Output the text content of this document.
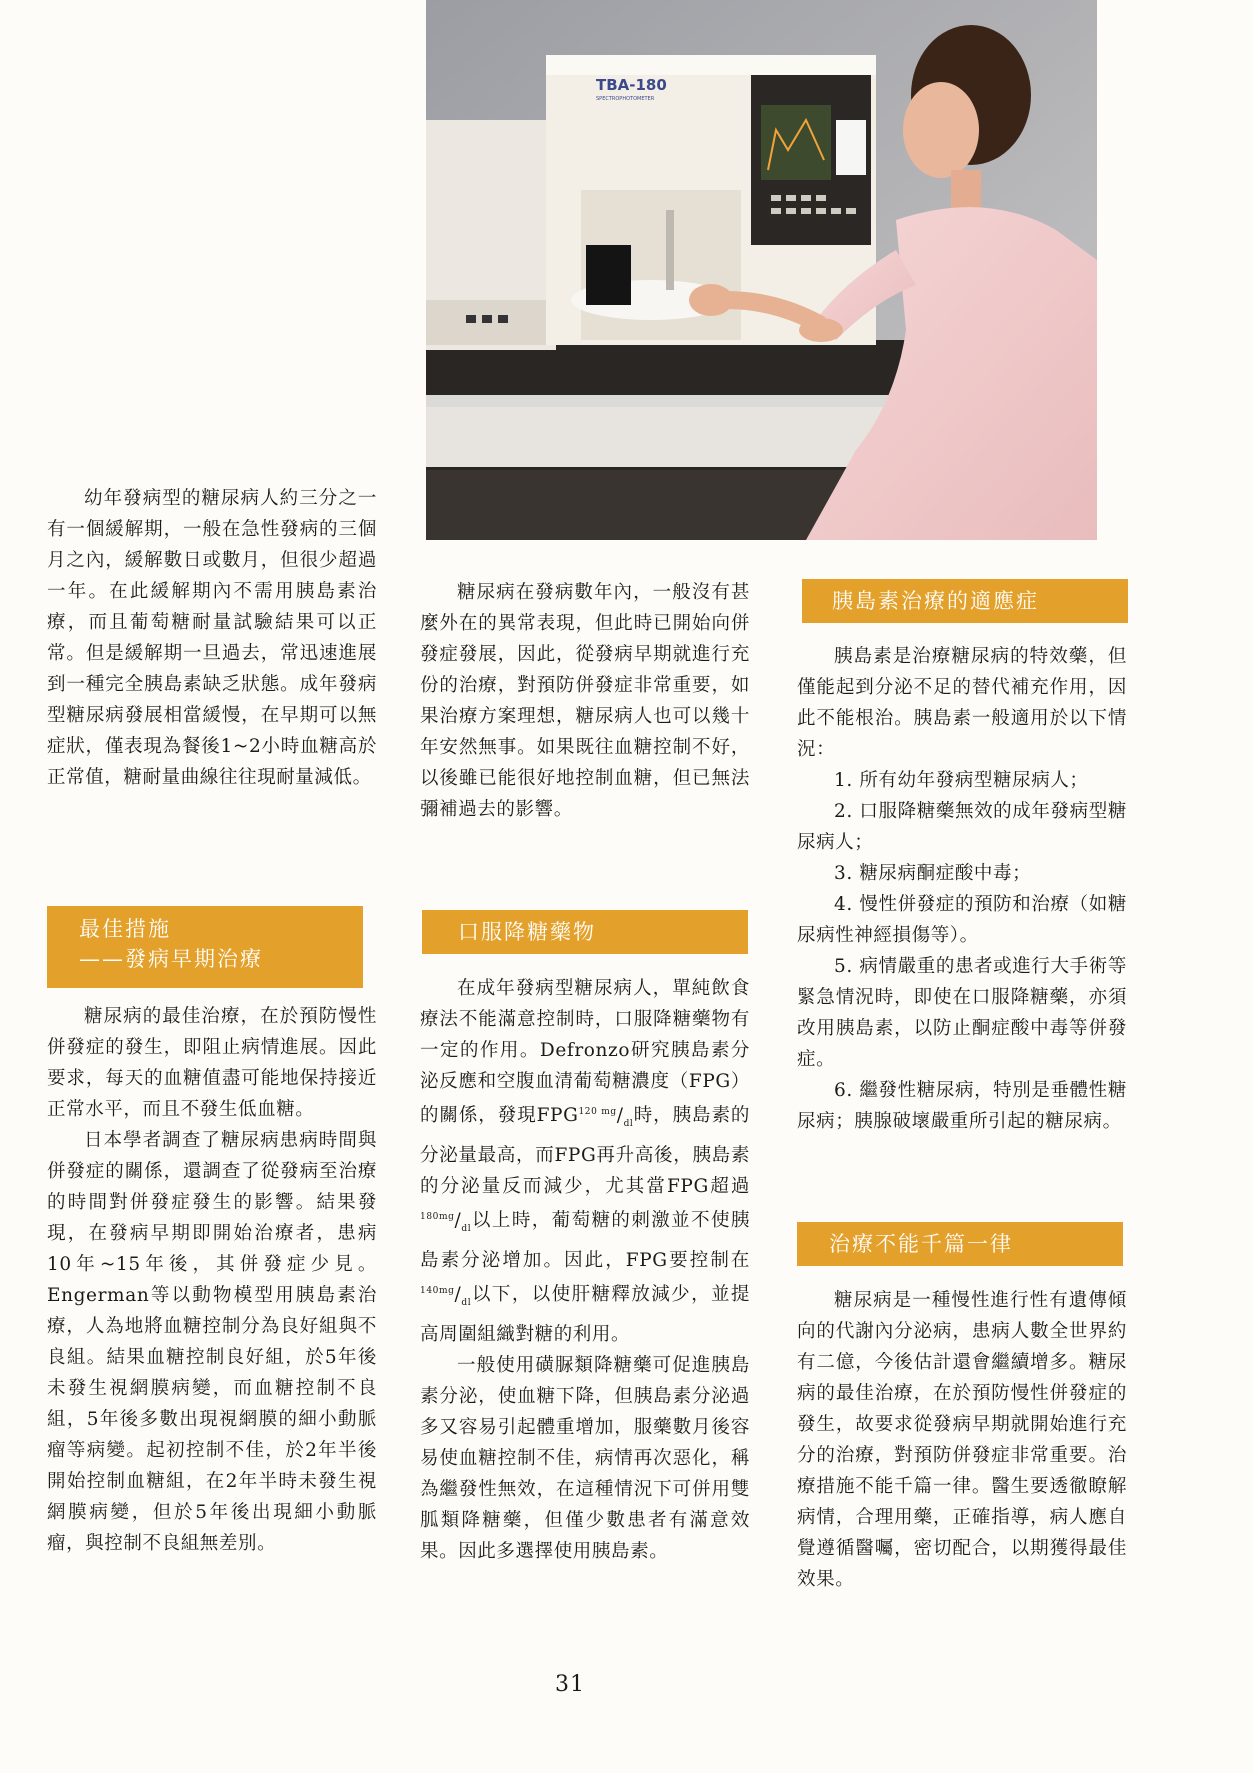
TBA-180
SPECTROPHOTOMETER

幼年發病型的糖尿病人約三分之一有一個緩解期，一般在急性發病的三個月之內，緩解數日或數月，但很少超過一年。在此緩解期內不需用胰島素治療，而且葡萄糖耐量試驗結果可以正常。但是緩解期一旦過去，常迅速進展到一種完全胰島素缺乏狀態。成年發病型糖尿病發展相當緩慢，在早期可以無症狀，僅表現為餐後1~2小時血糖高於正常值，糖耐量曲線往往現耐量減低。

最佳措施
——發病早期治療

糖尿病的最佳治療，在於預防慢性併發症的發生，即阻止病情進展。因此要求，每天的血糖值盡可能地保持接近正常水平，而且不發生低血糖。

日本學者調查了糖尿病患病時間與併發症的關係，還調查了從發病至治療的時間對併發症發生的影響。結果發現，在發病早期即開始治療者，患病10年~15年後，其併發症少見。Engerman等以動物模型用胰島素治療，人為地將血糖控制分為良好組與不良組。結果血糖控制良好組，於5年後未發生視網膜病變，而血糖控制不良組，5年後多數出現視網膜的細小動脈瘤等病變。起初控制不佳，於2年半後開始控制血糖組，在2年半時未發生視網膜病變，但於5年後出現細小動脈瘤，與控制不良組無差別。

糖尿病在發病數年內，一般沒有甚麼外在的異常表現，但此時已開始向併發症發展，因此，從發病早期就進行充份的治療，對預防併發症非常重要，如果治療方案理想，糖尿病人也可以幾十年安然無事。如果既往血糖控制不好，以後雖已能很好地控制血糖，但已無法彌補過去的影響。

口服降糖藥物

在成年發病型糖尿病人，單純飲食療法不能滿意控制時，口服降糖藥物有一定的作用。Defronzo研究胰島素分泌反應和空腹血清葡萄糖濃度（FPG）的關係，發現$FPG^{120 mg}/_{dl}$時，胰島素的分泌量最高，而FPG再升高後，胰島素的分泌量反而減少，尤其當FPG超過$^{180mg}/_{dl}$以上時，葡萄糖的刺激並不使胰島素分泌增加。因此，FPG要控制在$^{140mg}/_{dl}$以下，以使肝糖釋放減少，並提高周圍組織對糖的利用。

一般使用磺脲類降糖藥可促進胰島素分泌，使血糖下降，但胰島素分泌過多又容易引起體重增加，服藥數月後容易使血糖控制不佳，病情再次惡化，稱為繼發性無效，在這種情況下可併用雙胍類降糖藥，但僅少數患者有滿意效果。因此多選擇使用胰島素。

胰島素治療的適應症

胰島素是治療糖尿病的特效藥，但僅能起到分泌不足的替代補充作用，因此不能根治。胰島素一般適用於以下情況：

1. 所有幼年發病型糖尿病人；

2. 口服降糖藥無效的成年發病型糖尿病人；

3. 糖尿病酮症酸中毒；

4. 慢性併發症的預防和治療（如糖尿病性神經損傷等）。

5. 病情嚴重的患者或進行大手術等緊急情況時，即使在口服降糖藥，亦須改用胰島素，以防止酮症酸中毒等併發症。

6. 繼發性糖尿病，特別是垂體性糖尿病；胰腺破壞嚴重所引起的糖尿病。

治療不能千篇一律

糖尿病是一種慢性進行性有遺傳傾向的代謝內分泌病，患病人數全世界約有二億，今後估計還會繼續增多。糖尿病的最佳治療，在於預防慢性併發症的發生，故要求從發病早期就開始進行充分的治療，對預防併發症非常重要。治療措施不能千篇一律。醫生要透徹瞭解病情，合理用藥，正確指導，病人應自覺遵循醫囑，密切配合，以期獲得最佳效果。

31
